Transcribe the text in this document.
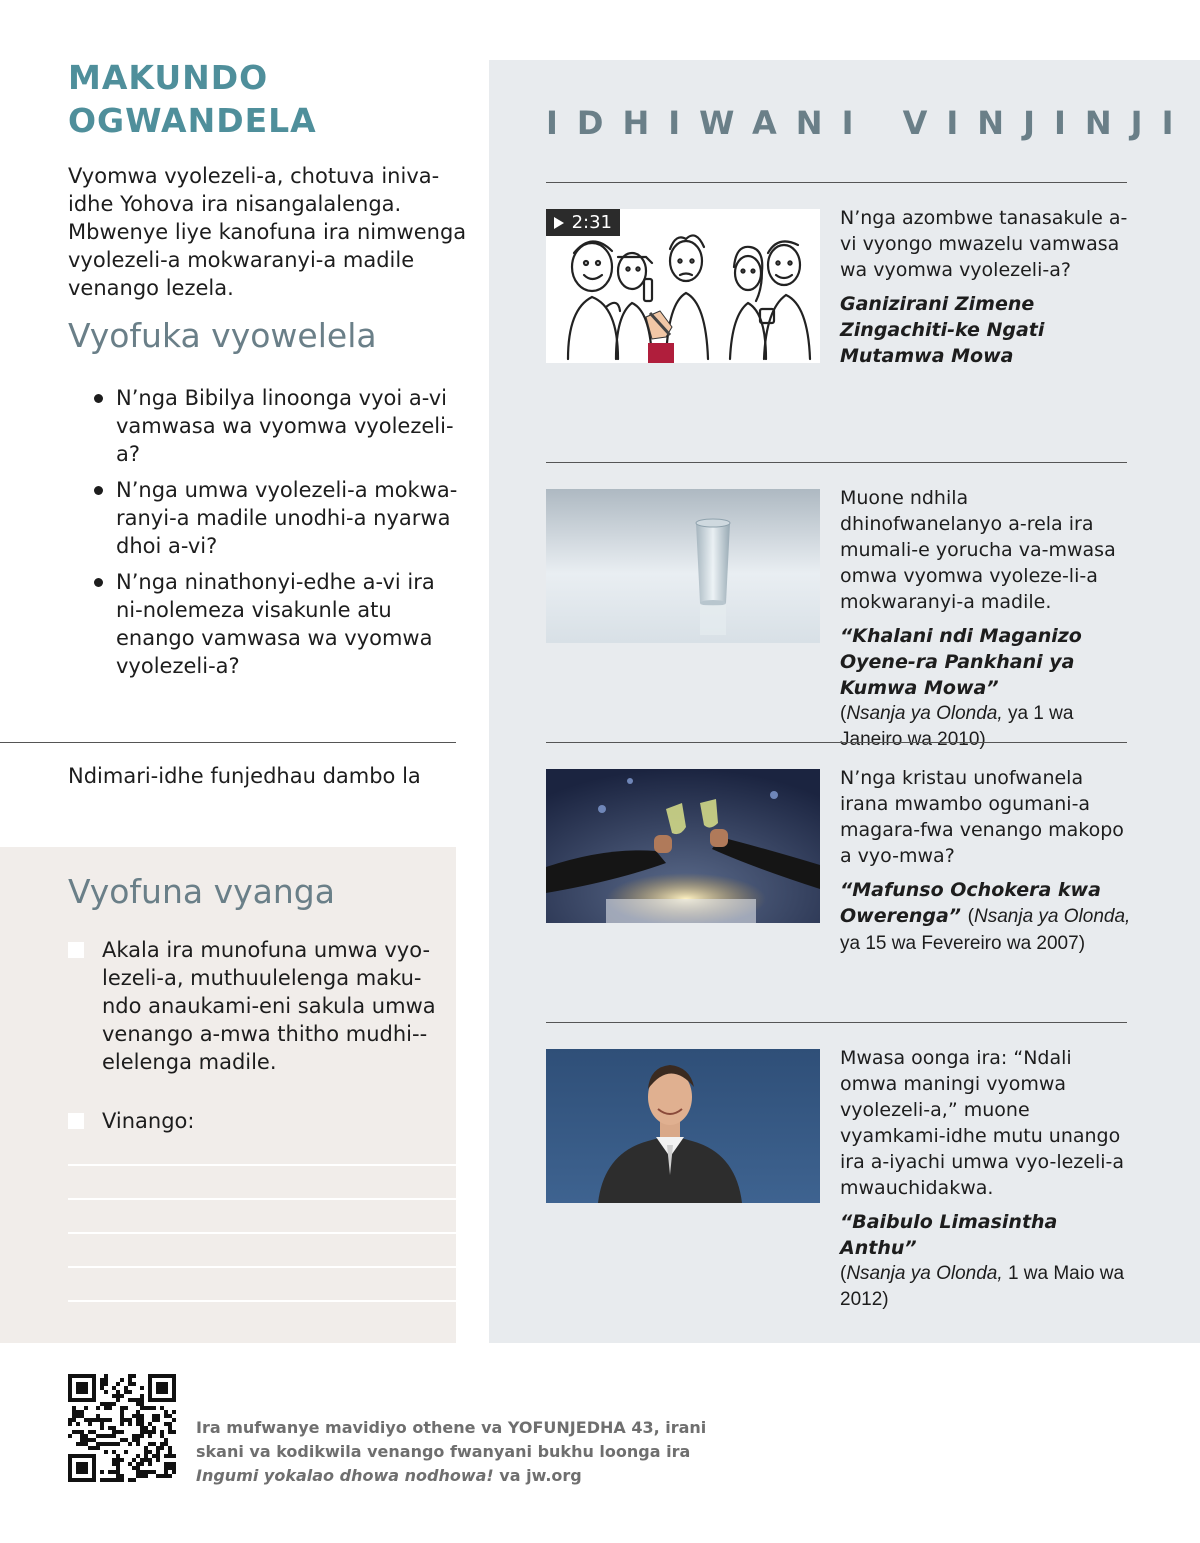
MAKUNDO
OGWANDELA
Vyomwa vyolezeli-a, chotuva iniva-idhe Yohova ira nisangalalenga. Mbwenye liye kanofuna ira nimwenga vyolezeli-a mokwaranyi-a madile venango lezela.
Vyofuka vyowelela
N’nga Bibilya linoonga vyoi a-vi vamwasa wa vyomwa vyolezeli-a?
N’nga umwa vyolezeli-a mokwa-ranyi-a madile unodhi-a nyarwa dhoi a-vi?
N’nga ninathonyi-edhe a-vi ira ni-nolemeza visakunle atu enango vamwasa wa vyomwa vyolezeli-a?
Ndimari-idhe funjedhau dambo la
Vyofuna vyanga
Akala ira munofuna umwa vyo-lezeli-a, muthuulelenga maku-ndo anaukami-eni sakula umwa venango a-mwa thitho mudhi--elelenga madile.
Vinango:
IDHIWANI VINJINJI
2:31	N’nga azombwe tanasakule a-vi vyongo mwazelu vamwasa wa vyomwa vyolezeli-a?
Ganizirani Zimene Zingachiti-ke Ngati Mutamwa Mowa
Muone ndhila dhinofwanelanyo a-rela ira mumali-e yorucha va-mwasa omwa vyomwa vyoleze-li-a mokwaranyi-a madile.
“Khalani ndi Maganizo Oyene-ra Pankhani ya Kumwa Mowa”
(Nsanja ya Olonda, ya 1 wa Janeiro wa 2010)
N’nga kristau unofwanela irana mwambo ogumani-a magara-fwa venango makopo a vyo-mwa?
“Mafunso Ochokera kwa Owerenga” (Nsanja ya Olonda, ya 15 wa Fevereiro wa 2007)
Mwasa oonga ira: “Ndali omwa maningi vyomwa vyolezeli-a,” muone vyamkami-idhe mutu unango ira a-iyachi umwa vyo-lezeli-a mwauchidakwa.
“Baibulo Limasintha Anthu”
(Nsanja ya Olonda, 1 wa Maio wa 2012)
Ira mufwanye mavidiyo othene va YOFUNJEDHA 43, irani
skani va kodikwila venango fwanyani bukhu loonga ira
Ingumi yokalao dhowa nodhowa! va jw.org
